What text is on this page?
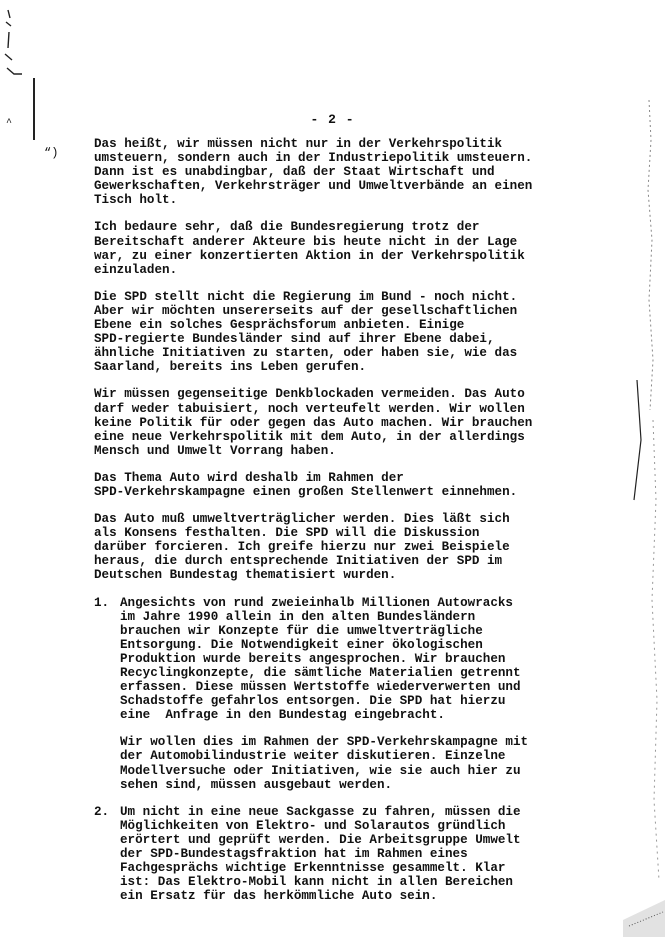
^
“)
- 2 -

Das heißt, wir müssen nicht nur in der Verkehrspolitik
umsteuern, sondern auch in der Industriepolitik umsteuern.
Dann ist es unabdingbar, daß der Staat Wirtschaft und
Gewerkschaften, Verkehrsträger und Umweltverbände an einen
Tisch holt.

Ich bedaure sehr, daß die Bundesregierung trotz der
Bereitschaft anderer Akteure bis heute nicht in der Lage
war, zu einer konzertierten Aktion in der Verkehrspolitik
einzuladen.

Die SPD stellt nicht die Regierung im Bund - noch nicht.
Aber wir möchten unsererseits auf der gesellschaftlichen
Ebene ein solches Gesprächsforum anbieten. Einige
SPD-regierte Bundesländer sind auf ihrer Ebene dabei,
ähnliche Initiativen zu starten, oder haben sie, wie das
Saarland, bereits ins Leben gerufen.

Wir müssen gegenseitige Denkblockaden vermeiden. Das Auto
darf weder tabuisiert, noch verteufelt werden. Wir wollen
keine Politik für oder gegen das Auto machen. Wir brauchen
eine neue Verkehrspolitik mit dem Auto, in der allerdings
Mensch und Umwelt Vorrang haben.

Das Thema Auto wird deshalb im Rahmen der
SPD-Verkehrskampagne einen großen Stellenwert einnehmen.

Das Auto muß umweltverträglicher werden. Dies läßt sich
als Konsens festhalten. Die SPD will die Diskussion
darüber forcieren. Ich greife hierzu nur zwei Beispiele
heraus, die durch entsprechende Initiativen der SPD im
Deutschen Bundestag thematisiert wurden.

1. Angesichts von rund zweieinhalb Millionen Autowracks
im Jahre 1990 allein in den alten Bundesländern
brauchen wir Konzepte für die umweltverträgliche
Entsorgung. Die Notwendigkeit einer ökologischen
Produktion wurde bereits angesprochen. Wir brauchen
Recyclingkonzepte, die sämtliche Materialien getrennt
erfassen. Diese müssen Wertstoffe wiederverwerten und
Schadstoffe gefahrlos entsorgen. Die SPD hat hierzu
eine  Anfrage in den Bundestag eingebracht.

Wir wollen dies im Rahmen der SPD-Verkehrskampagne mit
der Automobilindustrie weiter diskutieren. Einzelne
Modellversuche oder Initiativen, wie sie auch hier zu
sehen sind, müssen ausgebaut werden.

2. Um nicht in eine neue Sackgasse zu fahren, müssen die
Möglichkeiten von Elektro- und Solarautos gründlich
erörtert und geprüft werden. Die Arbeitsgruppe Umwelt
der SPD-Bundestagsfraktion hat im Rahmen eines
Fachgesprächs wichtige Erkenntnisse gesammelt. Klar
ist: Das Elektro-Mobil kann nicht in allen Bereichen
ein Ersatz für das herkömmliche Auto sein.
